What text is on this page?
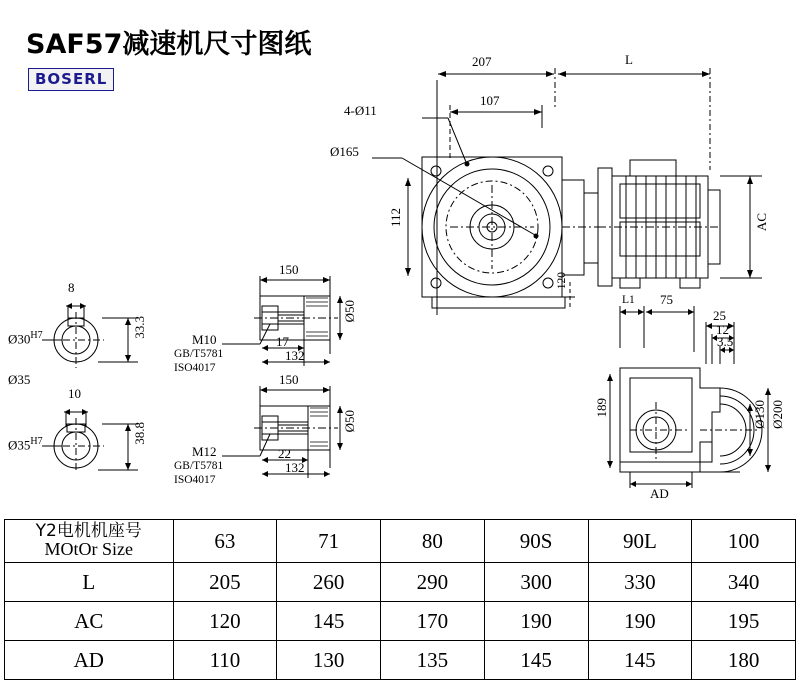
SAF57减速机尺寸图纸
BOSERL
207	L
107
4-Ø11
Ø165
112	AC
120
8
$Ø30^{H7}$	33.3
Ø35
10
$Ø35^{H7}$	38.8
150
M10
GB/T5781
ISO4017
17
132
Ø50
150
M12
GB/T5781
ISO4017
22
132
Ø50
L1 75
25
12
3.5
189	Ø130 Ø200
AD
Y2电机机座号
MOtOr Size	63	71	80	90S	90L	100
L	205	260	290	300	330	340
AC	120	145	170	190	190	195
AD	110	130	135	145	145	180
